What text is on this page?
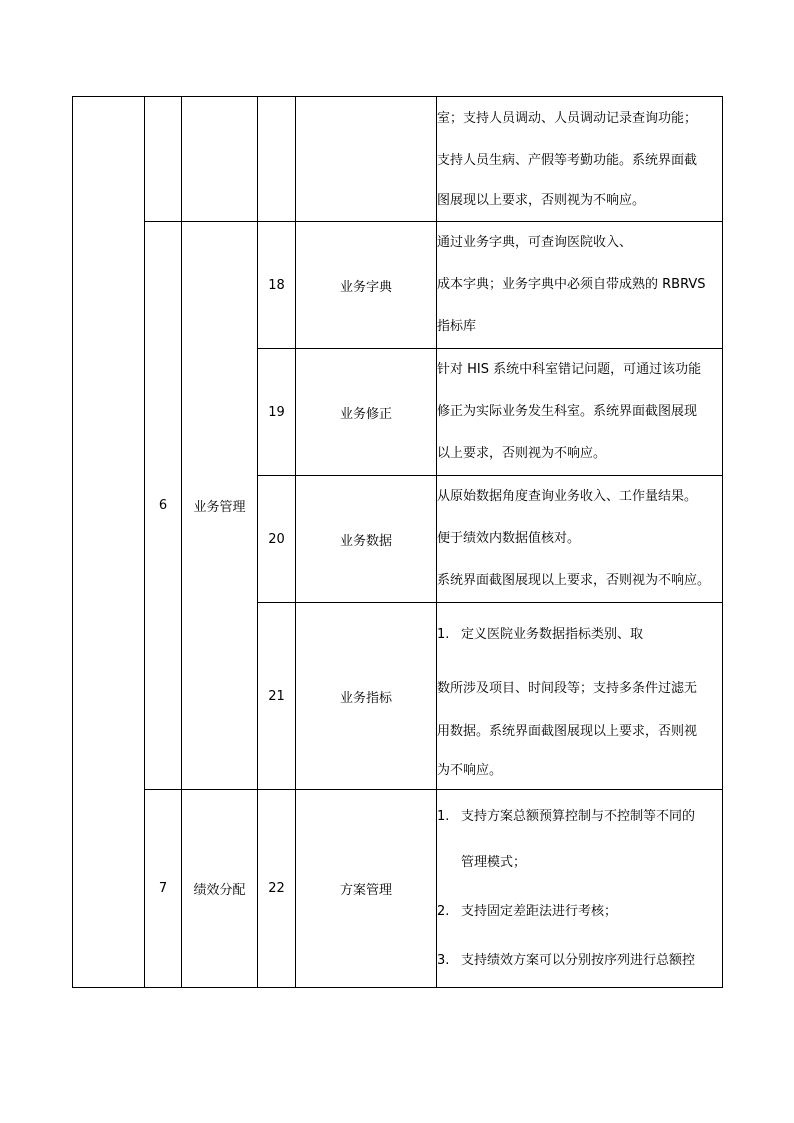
					室；支持人员调动、人员调动记录查询功能；
支持人员生病、产假等考勤功能。系统界面截
图展现以上要求，否则视为不响应。

	6	业务管理	18	业务字典	通过业务字典，可查询医院收入、
成本字典；业务字典中必须自带成熟的 RBRVS
指标库

			19	业务修正	针对 HIS 系统中科室错记问题，可通过该功能
修正为实际业务发生科室。系统界面截图展现
以上要求，否则视为不响应。

			20	业务数据	从原始数据角度查询业务收入、工作量结果。
便于绩效内数据值核对。
系统界面截图展现以上要求，否则视为不响应。

			21	业务指标	1. 定义医院业务数据指标类别、取
数所涉及项目、时间段等；支持多条件过滤无
用数据。系统界面截图展现以上要求，否则视
为不响应。

	7	绩效分配	22	方案管理	1. 支持方案总额预算控制与不控制等不同的
管理模式；
2. 支持固定差距法进行考核；
3. 支持绩效方案可以分别按序列进行总额控
